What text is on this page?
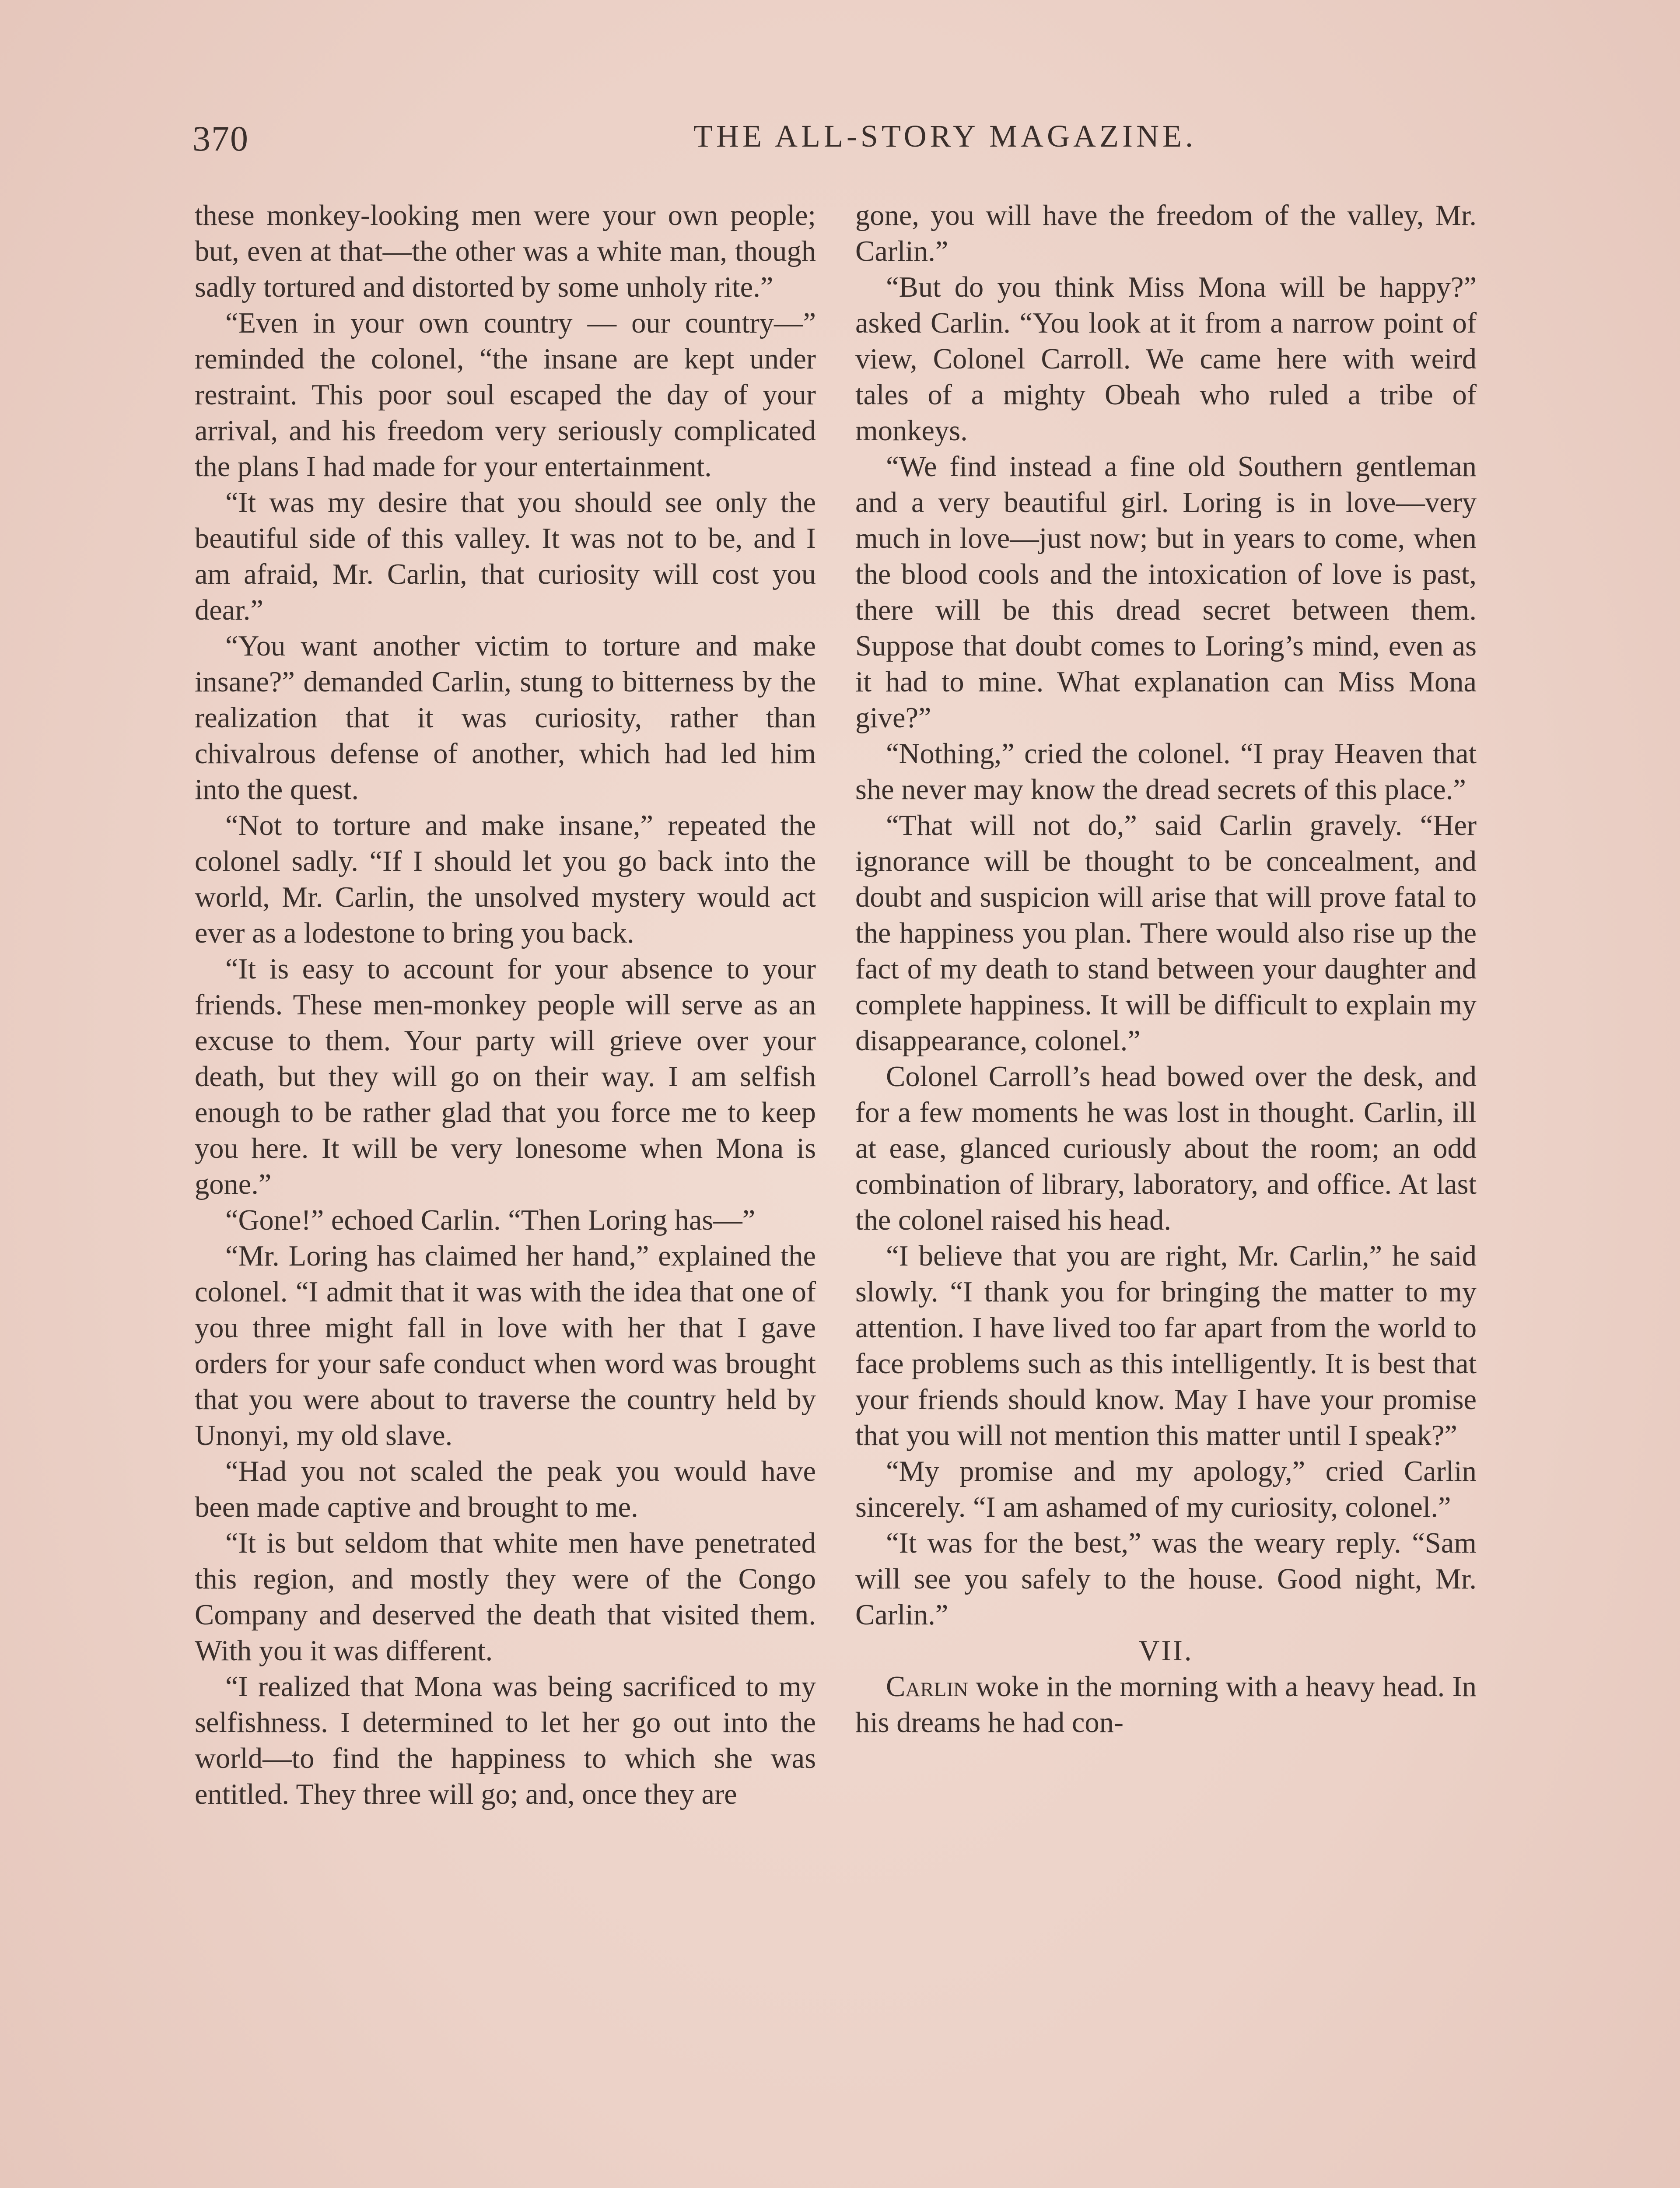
370	THE ALL-STORY MAGAZINE.

these monkey-looking men were your own people; but, even at that—the other was a white man, though sadly tortured and distorted by some unholy rite.”

“Even in your own country — our country—” reminded the colonel, “the insane are kept under restraint. This poor soul escaped the day of your arrival, and his freedom very seriously complicated the plans I had made for your entertainment.

“It was my desire that you should see only the beautiful side of this valley. It was not to be, and I am afraid, Mr. Carlin, that curiosity will cost you dear.”

“You want another victim to torture and make insane?” demanded Carlin, stung to bitterness by the realization that it was curiosity, rather than chivalrous defense of another, which had led him into the quest.

“Not to torture and make insane,” repeated the colonel sadly. “If I should let you go back into the world, Mr. Carlin, the unsolved mystery would act ever as a lodestone to bring you back.

“It is easy to account for your absence to your friends. These men-monkey people will serve as an excuse to them. Your party will grieve over your death, but they will go on their way. I am selfish enough to be rather glad that you force me to keep you here. It will be very lonesome when Mona is gone.”

“Gone!” echoed Carlin. “Then Loring has—”

“Mr. Loring has claimed her hand,” explained the colonel. “I admit that it was with the idea that one of you three might fall in love with her that I gave orders for your safe conduct when word was brought that you were about to traverse the country held by Unonyi, my old slave.

“Had you not scaled the peak you would have been made captive and brought to me.

“It is but seldom that white men have penetrated this region, and mostly they were of the Congo Company and deserved the death that visited them. With you it was different.

“I realized that Mona was being sacrificed to my selfishness. I determined to let her go out into the world—to find the happiness to which she was entitled. They three will go; and, once they are

gone, you will have the freedom of the valley, Mr. Carlin.”

“But do you think Miss Mona will be happy?” asked Carlin. “You look at it from a narrow point of view, Colonel Carroll. We came here with weird tales of a mighty Obeah who ruled a tribe of monkeys.

“We find instead a fine old Southern gentleman and a very beautiful girl. Loring is in love—very much in love—just now; but in years to come, when the blood cools and the intoxication of love is past, there will be this dread secret between them. Suppose that doubt comes to Loring’s mind, even as it had to mine. What explanation can Miss Mona give?”

“Nothing,” cried the colonel. “I pray Heaven that she never may know the dread secrets of this place.”

“That will not do,” said Carlin gravely. “Her ignorance will be thought to be concealment, and doubt and suspicion will arise that will prove fatal to the happiness you plan. There would also rise up the fact of my death to stand between your daughter and complete happiness. It will be difficult to explain my disappearance, colonel.”

Colonel Carroll’s head bowed over the desk, and for a few moments he was lost in thought. Carlin, ill at ease, glanced curiously about the room; an odd combination of library, laboratory, and office. At last the colonel raised his head.

“I believe that you are right, Mr. Carlin,” he said slowly. “I thank you for bringing the matter to my attention. I have lived too far apart from the world to face problems such as this intelligently. It is best that your friends should know. May I have your promise that you will not mention this matter until I speak?”

“My promise and my apology,” cried Carlin sincerely. “I am ashamed of my curiosity, colonel.”

“It was for the best,” was the weary reply. “Sam will see you safely to the house. Good night, Mr. Carlin.”

VII.

Carlin woke in the morning with a heavy head. In his dreams he had con-
